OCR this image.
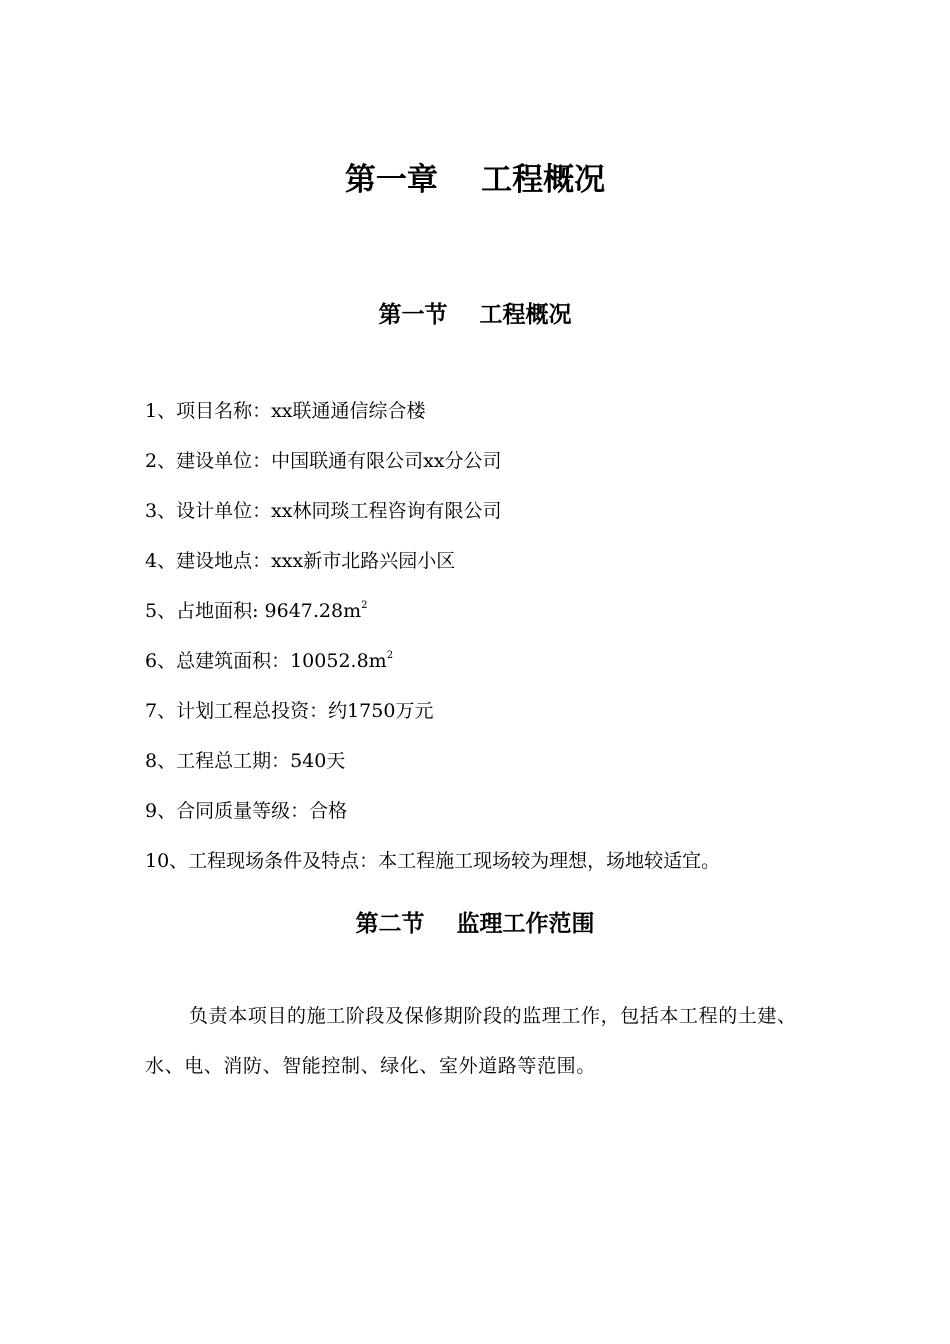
第一章    工程概况
第一节    工程概况
1、项目名称：xx联通通信综合楼
2、建设单位：中国联通有限公司xx分公司
3、设计单位：xx林同琰工程咨询有限公司
4、建设地点：xxx新市北路兴园小区
5、占地面积: $9647.28m^2$
6、总建筑面积：$10052.8m^2$
7、计划工程总投资：约1750万元
8、工程总工期：540天
9、合同质量等级：合格
10、工程现场条件及特点：本工程施工现场较为理想，场地较适宜。
第二节    监理工作范围

负责本项目的施工阶段及保修期阶段的监理工作，包括本工程的土建、水、电、消防、智能控制、绿化、室外道路等范围。
